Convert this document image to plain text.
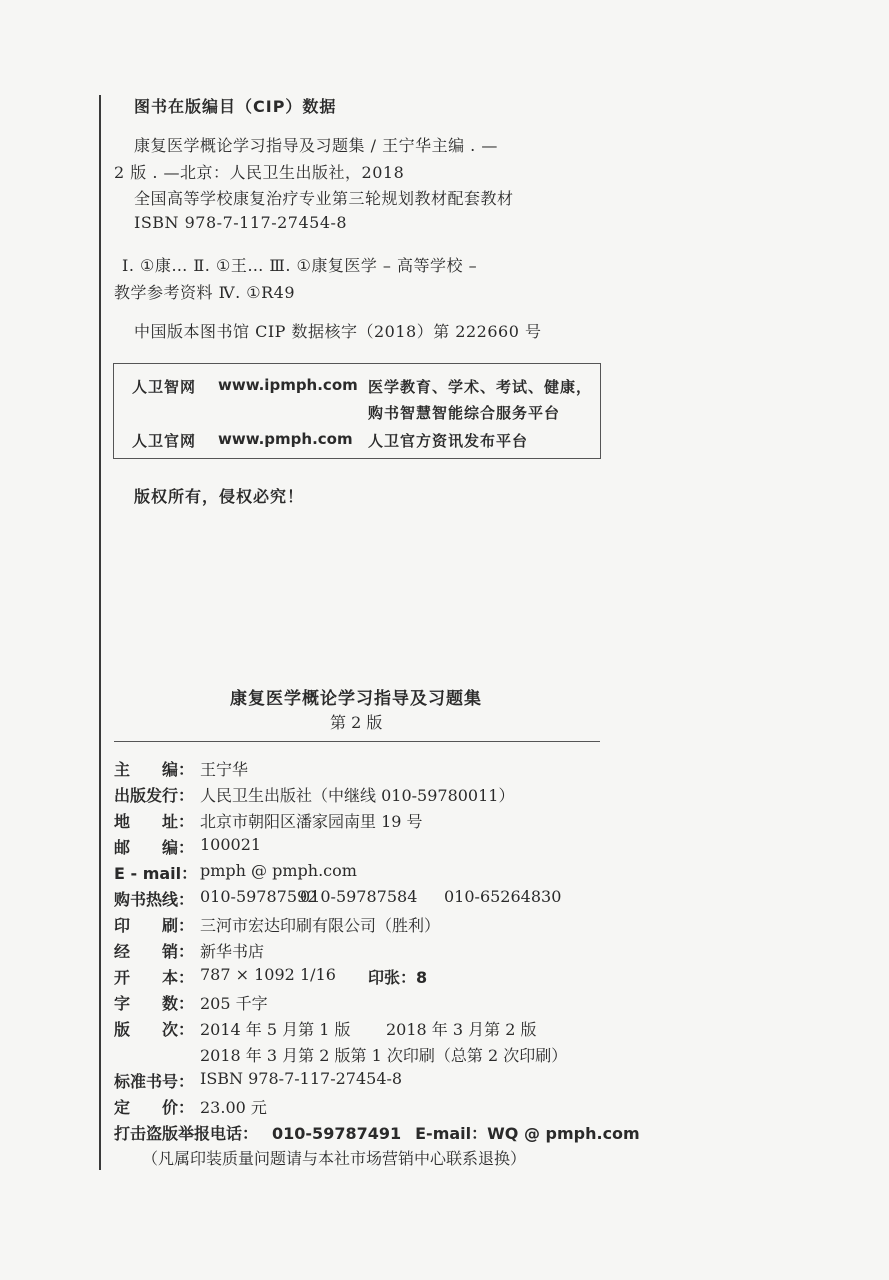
图书在版编目（CIP）数据
康复医学概论学习指导及习题集 / 王宁华主编 . —
2 版 . —北京：人民卫生出版社，2018
全国高等学校康复治疗专业第三轮规划教材配套教材
ISBN 978-7-117-27454-8
Ⅰ. ①康… Ⅱ. ①王… Ⅲ. ①康复医学 – 高等学校 –
教学参考资料 Ⅳ. ①R49
中国版本图书馆 CIP 数据核字（2018）第 222660 号
人卫智网 www.ipmph.com 医学教育、学术、考试、健康，
购书智慧智能综合服务平台
人卫官网 www.pmph.com 人卫官方资讯发布平台
版权所有，侵权必究！
康复医学概论学习指导及习题集
第 2 版
主　　编： 王宁华
出版发行： 人民卫生出版社（中继线 010-59780011）
地　　址： 北京市朝阳区潘家园南里 19 号
邮　　编： 100021
E - mail： pmph @ pmph.com
购书热线： 010-59787592
010-59787584 010-65264830
印　　刷： 三河市宏达印刷有限公司（胜利）
经　　销： 新华书店
开　　本： 787 × 1092 1/16 印张：8
字　　数： 205 千字
版　　次： 2014 年 5 月第 1 版 2018 年 3 月第 2 版
2018 年 3 月第 2 版第 1 次印刷（总第 2 次印刷）
标准书号： ISBN 978-7-117-27454-8
定　　价： 23.00 元
打击盗版举报电话： 010-59787491 E-mail：WQ @ pmph.com
（凡属印装质量问题请与本社市场营销中心联系退换）
